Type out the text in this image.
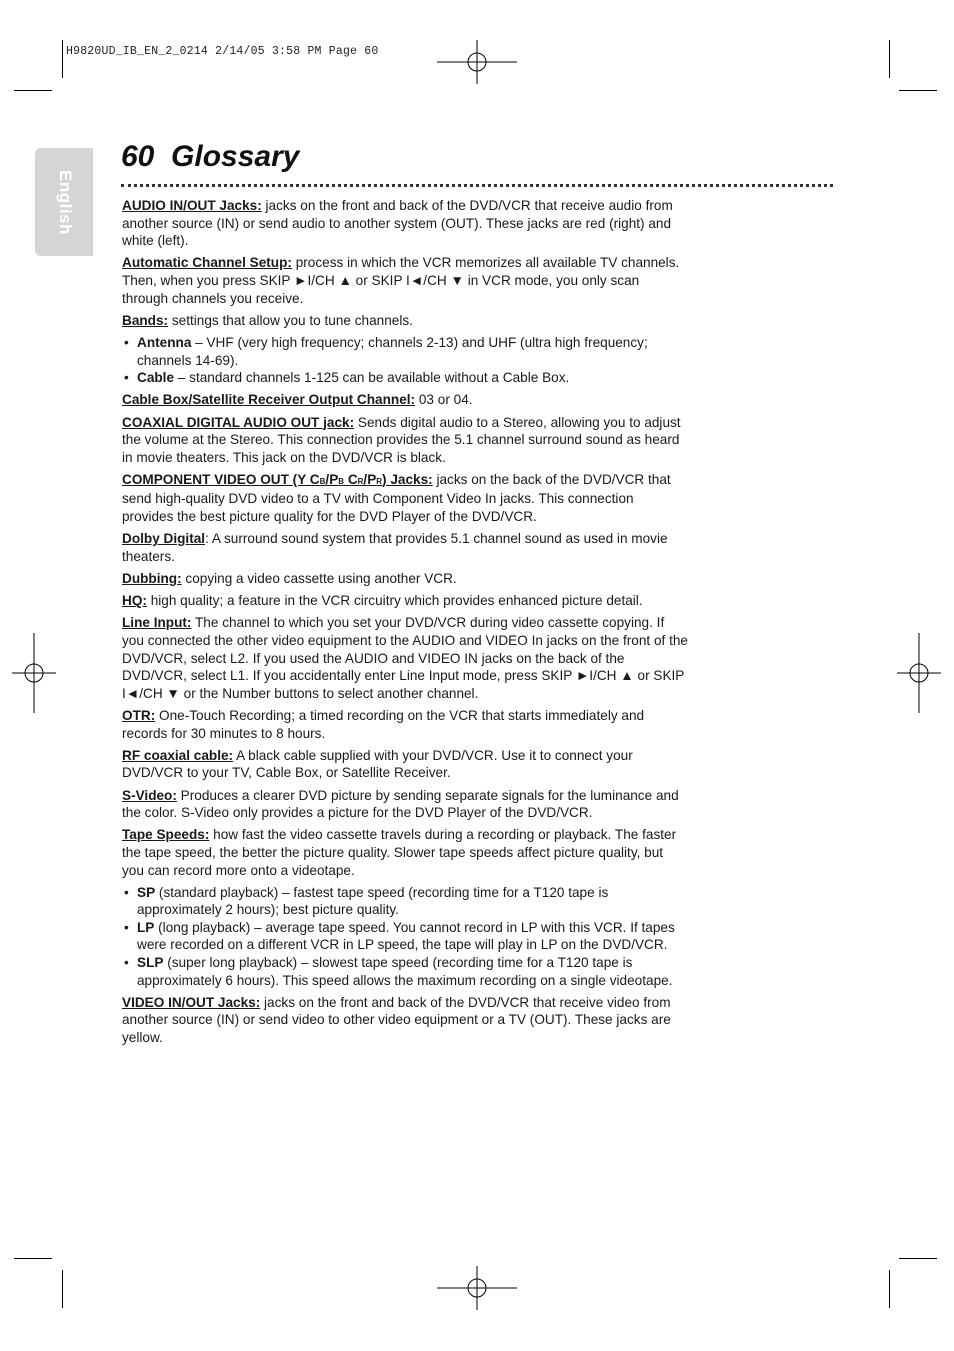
H9820UD_IB_EN_2_0214 2/14/05 3:58 PM Page 60
English
60 Glossary

AUDIO IN/OUT Jacks: jacks on the front and back of the DVD/VCR that receive audio from another source (IN) or send audio to another system (OUT). These jacks are red (right) and white (left).

Automatic Channel Setup: process in which the VCR memorizes all available TV channels. Then, when you press SKIP ►I/CH ▲ or SKIP I◄/CH ▼ in VCR mode, you only scan through channels you receive.

Bands: settings that allow you to tune channels.

• Antenna – VHF (very high frequency; channels 2-13) and UHF (ultra high frequency; channels 14-69).
• Cable – standard channels 1-125 can be available without a Cable Box.

Cable Box/Satellite Receiver Output Channel: 03 or 04.

COAXIAL DIGITAL AUDIO OUT jack: Sends digital audio to a Stereo, allowing you to adjust the volume at the Stereo. This connection provides the 5.1 channel surround sound as heard in movie theaters. This jack on the DVD/VCR is black.

COMPONENT VIDEO OUT (Y CB/PB CR/PR) Jacks: jacks on the back of the DVD/VCR that send high-quality DVD video to a TV with Component Video In jacks. This connection provides the best picture quality for the DVD Player of the DVD/VCR.

Dolby Digital: A surround sound system that provides 5.1 channel sound as used in movie theaters.

Dubbing: copying a video cassette using another VCR.

HQ: high quality; a feature in the VCR circuitry which provides enhanced picture detail.

Line Input: The channel to which you set your DVD/VCR during video cassette copying. If you connected the other video equipment to the AUDIO and VIDEO In jacks on the front of the DVD/VCR, select L2. If you used the AUDIO and VIDEO IN jacks on the back of the DVD/VCR, select L1. If you accidentally enter Line Input mode, press SKIP ►I/CH ▲ or SKIP I◄/CH ▼ or the Number buttons to select another channel.

OTR: One-Touch Recording; a timed recording on the VCR that starts immediately and records for 30 minutes to 8 hours.

RF coaxial cable: A black cable supplied with your DVD/VCR. Use it to connect your DVD/VCR to your TV, Cable Box, or Satellite Receiver.

S-Video: Produces a clearer DVD picture by sending separate signals for the luminance and the color. S-Video only provides a picture for the DVD Player of the DVD/VCR.

Tape Speeds: how fast the video cassette travels during a recording or playback. The faster the tape speed, the better the picture quality. Slower tape speeds affect picture quality, but you can record more onto a videotape.

• SP (standard playback) – fastest tape speed (recording time for a T120 tape is approximately 2 hours); best picture quality.
• LP (long playback) – average tape speed. You cannot record in LP with this VCR. If tapes were recorded on a different VCR in LP speed, the tape will play in LP on the DVD/VCR.
• SLP (super long playback) – slowest tape speed (recording time for a T120 tape is approximately 6 hours). This speed allows the maximum recording on a single videotape.

VIDEO IN/OUT Jacks: jacks on the front and back of the DVD/VCR that receive video from another source (IN) or send video to other video equipment or a TV (OUT). These jacks are yellow.
